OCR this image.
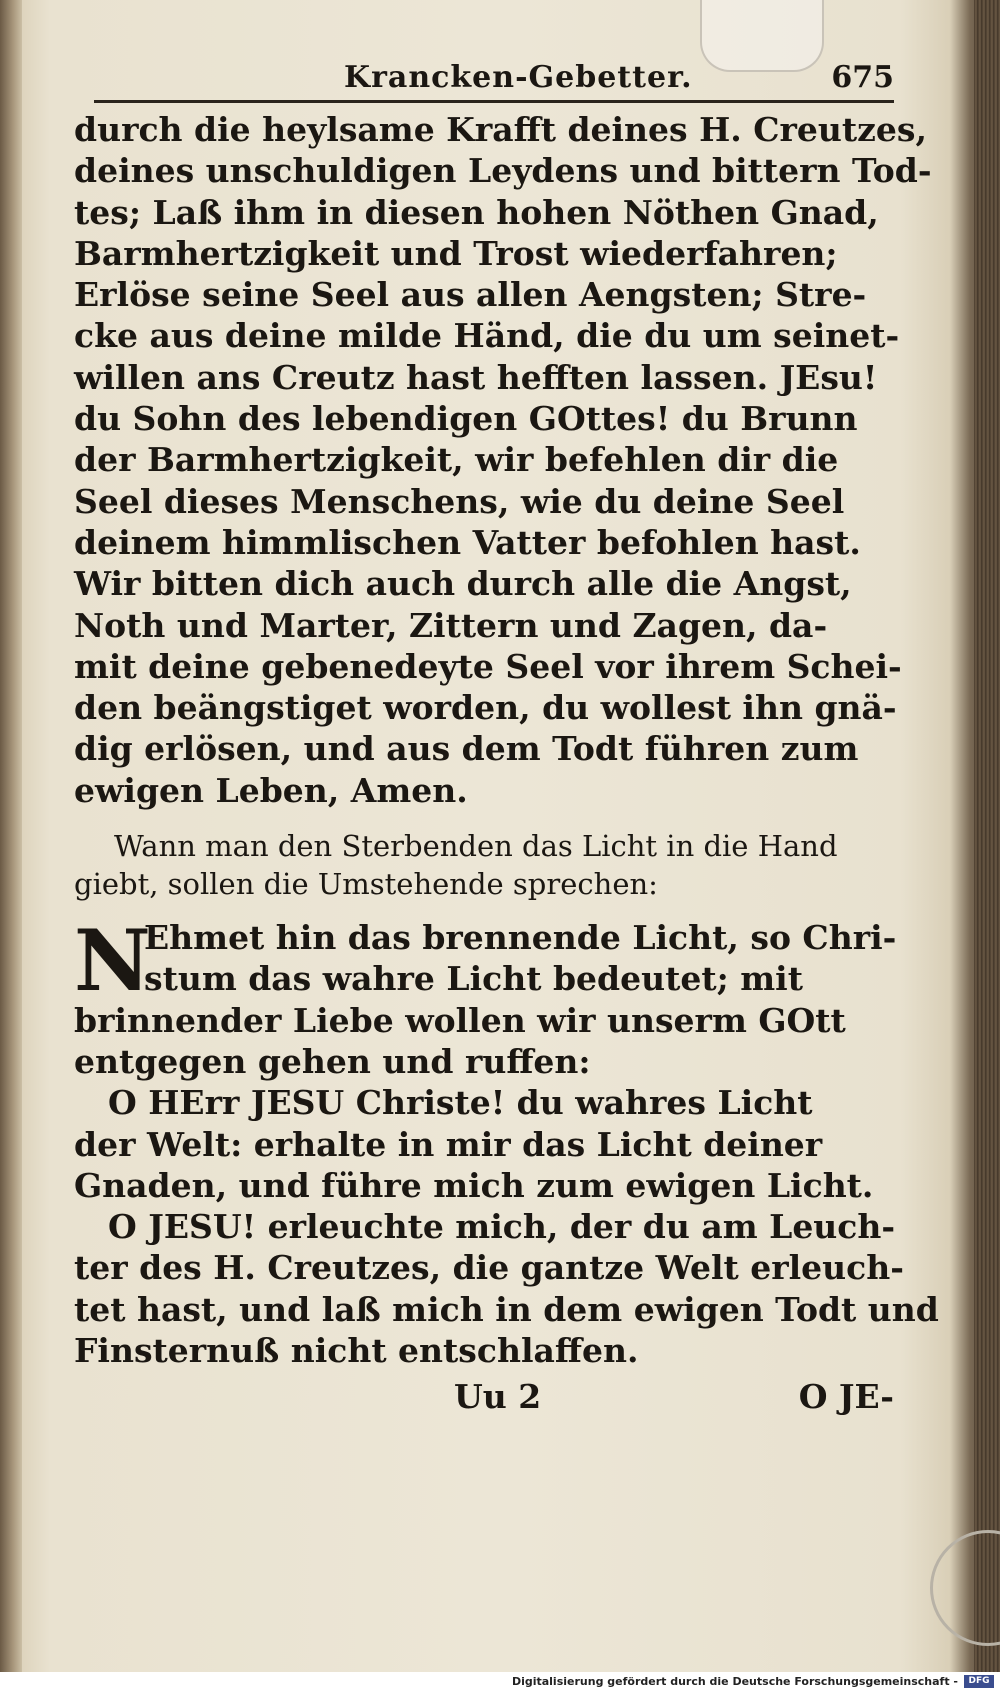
Krancken-Gebetter.	675
durch die heylsame Krafft deines H. Creutzes,
deines unschuldigen Leydens und bittern Tod-
tes; Laß ihm in diesen hohen Nöthen Gnad,
Barmhertzigkeit und Trost wiederfahren;
Erlöse seine Seel aus allen Aengsten; Stre-
cke aus deine milde Händ, die du um seinet-
willen ans Creutz hast hefften lassen. JEsu!
du Sohn des lebendigen GOttes! du Brunn
der Barmhertzigkeit, wir befehlen dir die
Seel dieses Menschens, wie du deine Seel
deinem himmlischen Vatter befohlen hast.
Wir bitten dich auch durch alle die Angst,
Noth und Marter, Zittern und Zagen, da-
mit deine gebenedeyte Seel vor ihrem Schei-
den beängstiget worden, du wollest ihn gnä-
dig erlösen, und aus dem Todt führen zum
ewigen Leben, Amen.
Wann man den Sterbenden das Licht in die Hand
giebt, sollen die Umstehende sprechen:
N
Ehmet hin das brennende Licht, so Chri-
stum das wahre Licht bedeutet; mit
brinnender Liebe wollen wir unserm GOtt
entgegen gehen und ruffen:
O HErr JESU Christe! du wahres Licht
der Welt: erhalte in mir das Licht deiner
Gnaden, und führe mich zum ewigen Licht.
O JESU! erleuchte mich, der du am Leuch-
ter des H. Creutzes, die gantze Welt erleuch-
tet hast, und laß mich in dem ewigen Todt und
Finsternuß nicht entschlaffen.
Uu 2	O JE-
Digitalisierung gefördert durch die Deutsche Forschungsgemeinschaft -	DFG
